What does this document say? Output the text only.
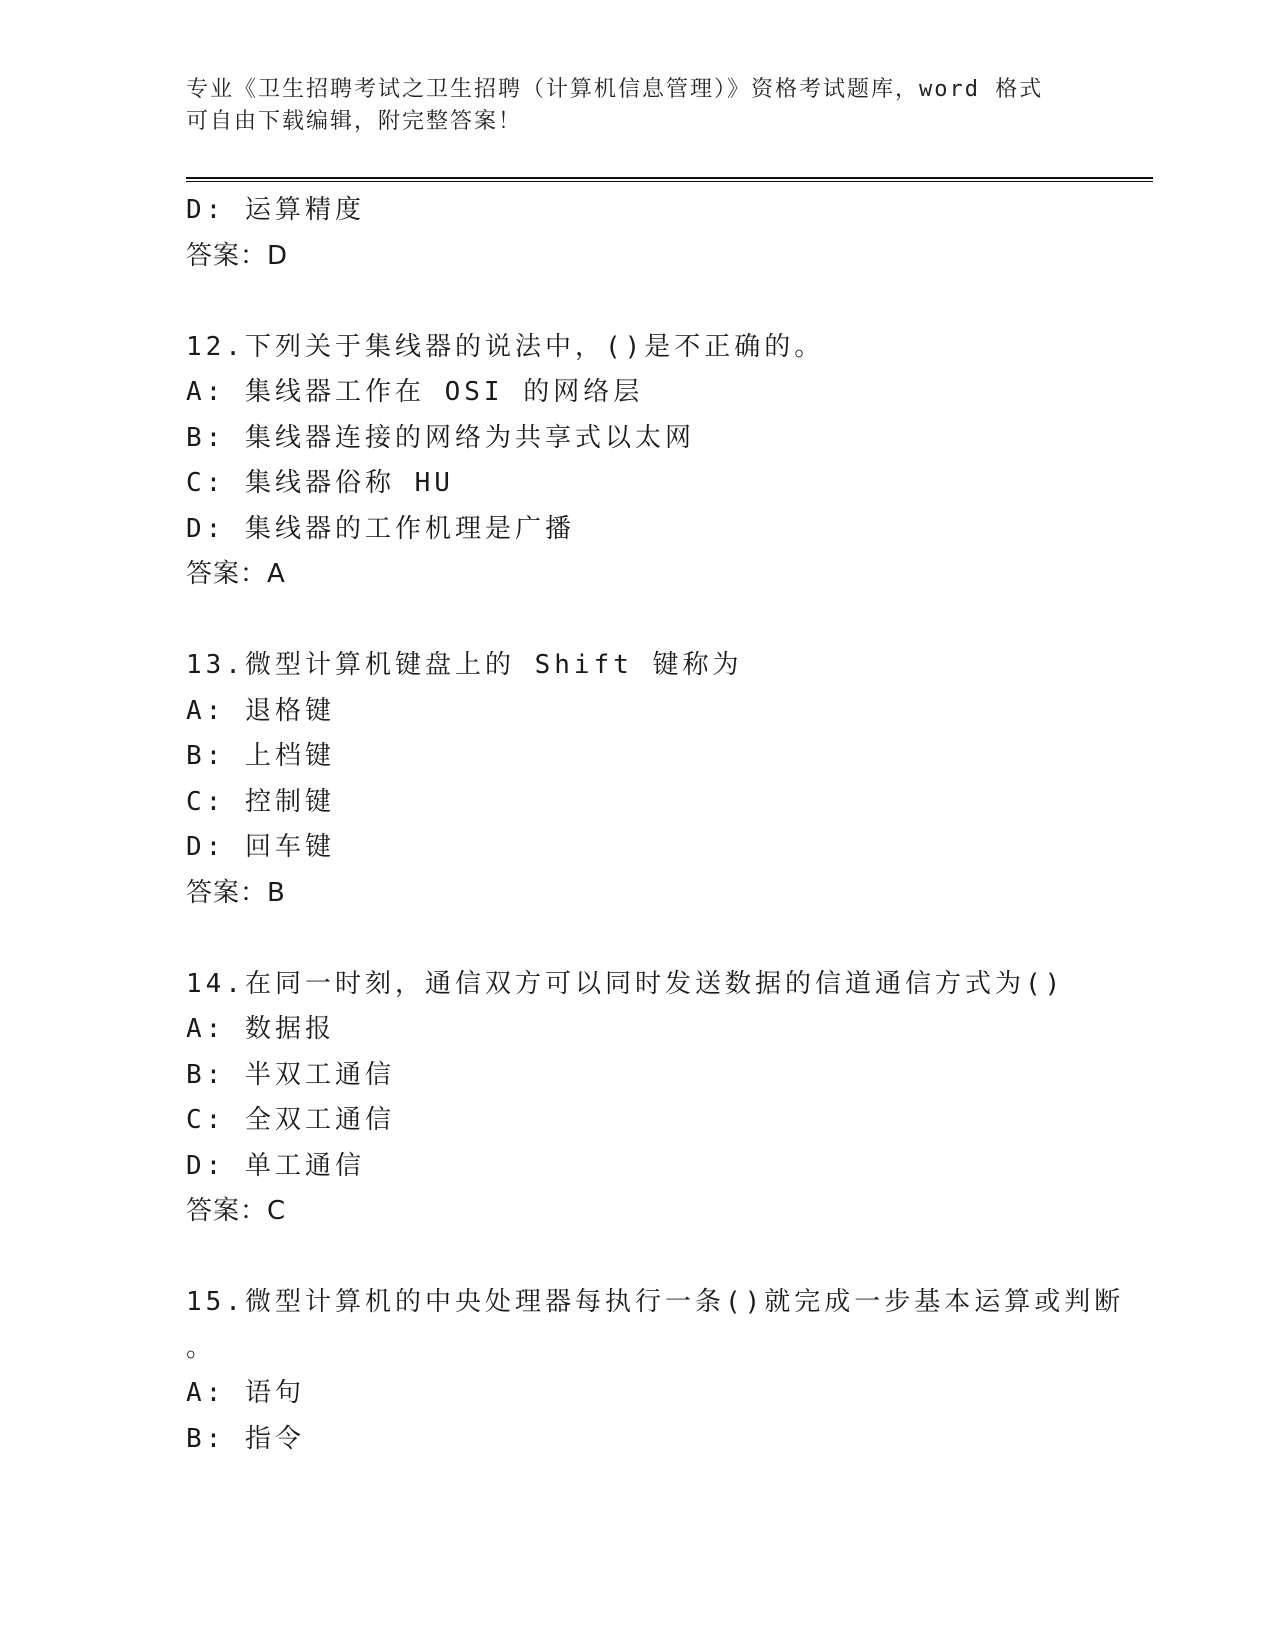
专业《卫生招聘考试之卫生招聘（计算机信息管理）》资格考试题库，word 格式
可自由下载编辑，附完整答案！
D: 运算精度
答案：D
12.下列关于集线器的说法中，()是不正确的。
A: 集线器工作在 OSI 的网络层
B: 集线器连接的网络为共享式以太网
C: 集线器俗称 HU
D: 集线器的工作机理是广播
答案：A
13.微型计算机键盘上的 Shift 键称为
A: 退格键
B: 上档键
C: 控制键
D: 回车键
答案：B
14.在同一时刻，通信双方可以同时发送数据的信道通信方式为()
A: 数据报
B: 半双工通信
C: 全双工通信
D: 单工通信
答案：C
15.微型计算机的中央处理器每执行一条()就完成一步基本运算或判断
。
A: 语句
B: 指令
